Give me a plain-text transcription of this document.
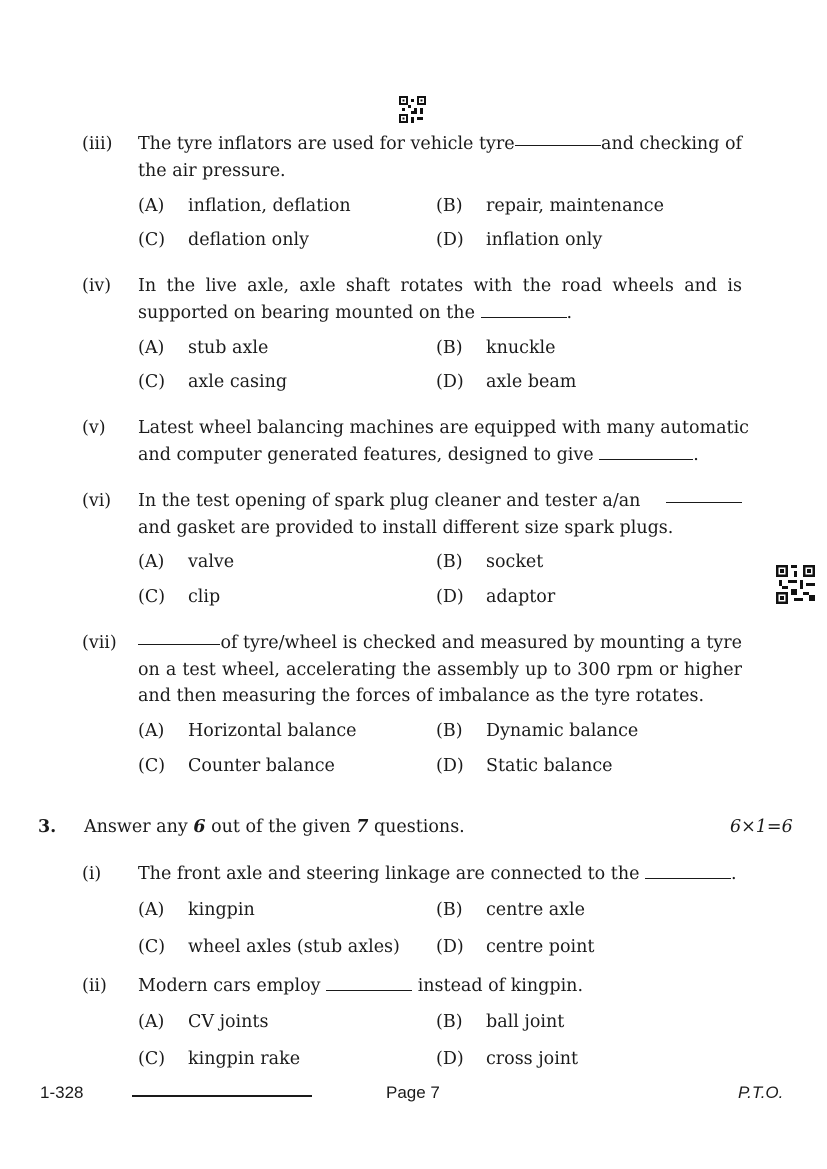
(iii) The tyre inflators are used for vehicle tyre	and checking of
the air pressure.
(A) inflation, deflation	(B) repair, maintenance
(C) deflation only	(D) inflation only
(iv) In the live axle, axle shaft rotates with the road wheels and is
supported on bearing mounted on the	.
(A) stub axle	(B) knuckle
(C) axle casing	(D) axle beam
(v) Latest wheel balancing machines are equipped with many automatic
and computer generated features, designed to give	.
(vi) In the test opening of spark plug cleaner and tester a/an
and gasket are provided to install different size spark plugs.
(A) valve	(B) socket
(C) clip	(D) adaptor
(vii)	of tyre/wheel is checked and measured by mounting a tyre
on a test wheel, accelerating the assembly up to 300 rpm or higher
and then measuring the forces of imbalance as the tyre rotates.
(A) Horizontal balance	(B) Dynamic balance
(C) Counter balance	(D) Static balance
3. Answer any 6 out of the given 7 questions.	6×1=6
(i) The front axle and steering linkage are connected to the	.
(A) kingpin	(B) centre axle
(C) wheel axles (stub axles) (D) centre point
(ii) Modern cars employ	instead of kingpin.
(A) CV joints	(B) ball joint
(C) kingpin rake	(D) cross joint
1-328	Page 7	P.T.O.
